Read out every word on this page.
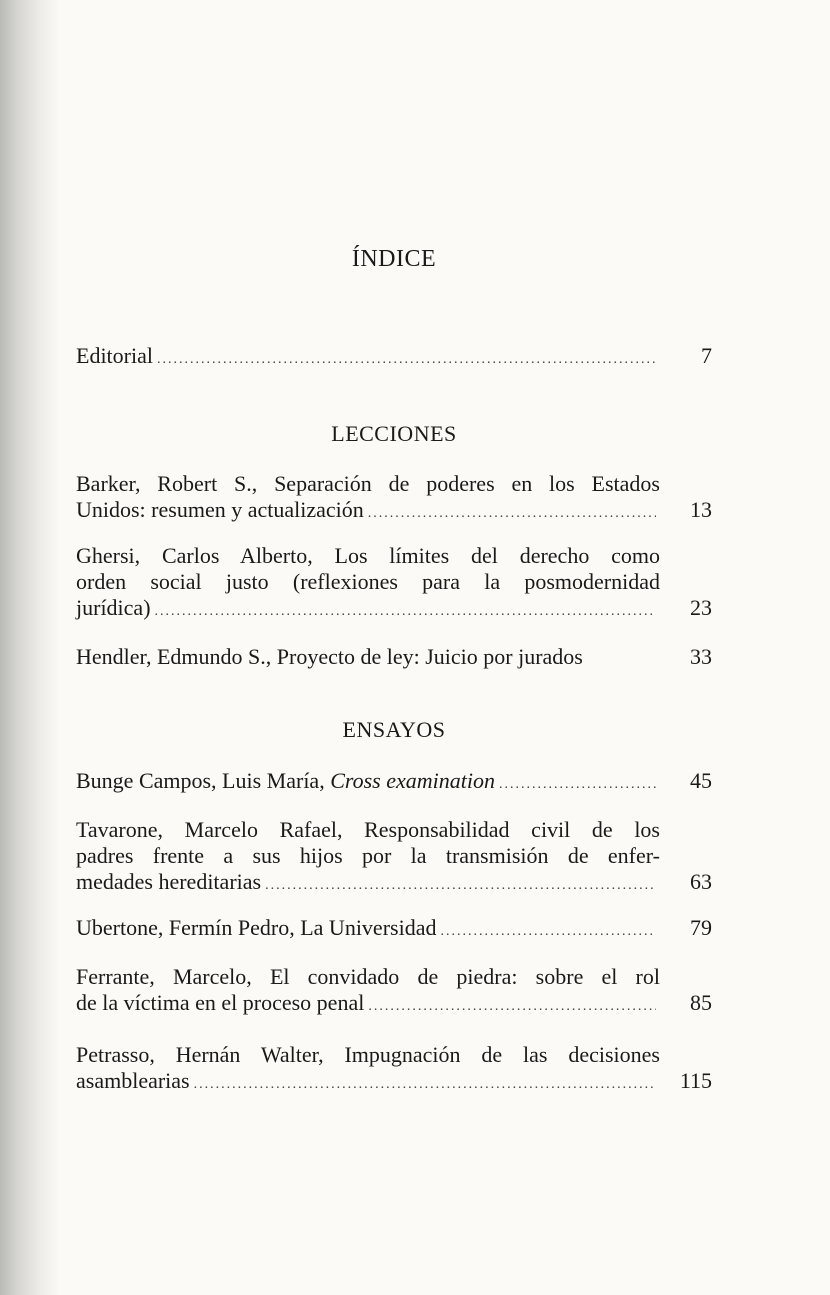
ÍNDICE
Editorial .....	7
LECCIONES
Barker, Robert S., Separación de poderes en los Estados
Unidos: resumen y actualización .....	13
Ghersi, Carlos Alberto, Los límites del derecho como
orden social justo (reflexiones para la posmodernidad
jurídica) .....	23
Hendler, Edmundo S., Proyecto de ley: Juicio por jurados	33
ENSAYOS
Bunge Campos, Luis María, Cross examination .....	45
Tavarone, Marcelo Rafael, Responsabilidad civil de los
padres frente a sus hijos por la transmisión de enfer-
medades hereditarias .....	63
Ubertone, Fermín Pedro, La Universidad .....	79
Ferrante, Marcelo, El convidado de piedra: sobre el rol
de la víctima en el proceso penal .....	85
Petrasso, Hernán Walter, Impugnación de las decisiones
asamblearias .....	115
